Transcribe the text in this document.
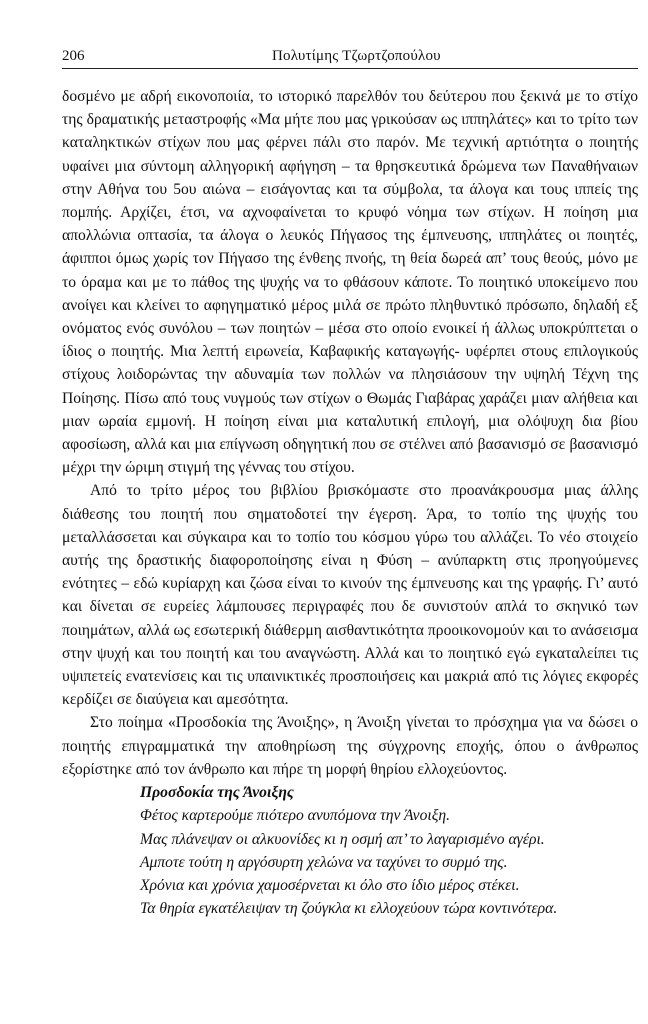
206	Πολυτίμης Τζωρτζοπούλου

δοσμένο με αδρή εικονοποιία, το ιστορικό παρελθόν του δεύτερου που ξεκινά με το στίχο της δραματικής μεταστροφής «Μα μήτε που μας γρικούσαν ως ιππηλάτες» και το τρίτο των καταληκτικών στίχων που μας φέρνει πάλι στο παρόν. Με τεχνική αρτιότητα ο ποιητής υφαίνει μια σύντομη αλληγορική αφήγηση – τα θρησκευτικά δρώμενα των Παναθήναιων στην Αθήνα του 5ου αιώνα – εισάγοντας και τα σύμβολα, τα άλογα και τους ιππείς της πομπής. Αρχίζει, έτσι, να αχνοφαίνεται το κρυφό νόημα των στίχων. Η ποίηση μια απολλώνια οπτασία, τα άλογα ο λευκός Πήγασος της έμπνευσης, ιππηλάτες οι ποιητές, άφιπποι όμως χωρίς τον Πήγασο της ένθεης πνοής, τη θεία δωρεά απ’ τους θεούς, μόνο με το όραμα και με το πάθος της ψυχής να το φθάσουν κάποτε. Το ποιητικό υποκείμενο που ανοίγει και κλείνει το αφηγηματικό μέρος μιλά σε πρώτο πληθυντικό πρόσωπο, δηλαδή εξ ονόματος ενός συνόλου – των ποιητών – μέσα στο οποίο ενοικεί ή άλλως υποκρύπτεται ο ίδιος ο ποιητής. Μια λεπτή ειρωνεία, Καβαφικής καταγωγής- υφέρπει στους επιλογικούς στίχους λοιδορώντας την αδυναμία των πολλών να πλησιάσουν την υψηλή Τέχνη της Ποίησης. Πίσω από τους νυγμούς των στίχων ο Θωμάς Γιαβάρας χαράζει μιαν αλήθεια και μιαν ωραία εμμονή. Η ποίηση είναι μια καταλυτική επιλογή, μια ολόψυχη δια βίου αφοσίωση, αλλά και μια επίγνωση οδηγητική που σε στέλνει από βασανισμό σε βασανισμό μέχρι την ώριμη στιγμή της γέννας του στίχου.

Από το τρίτο μέρος του βιβλίου βρισκόμαστε στο προανάκρουσμα μιας άλλης διάθεσης του ποιητή που σηματοδοτεί την έγερση. Άρα, το τοπίο της ψυχής του μεταλλάσσεται και σύγκαιρα και το τοπίο του κόσμου γύρω του αλλάζει. Το νέο στοιχείο αυτής της δραστικής διαφοροποίησης είναι η Φύση – ανύπαρκτη στις προηγούμενες ενότητες – εδώ κυρίαρχη και ζώσα είναι το κινούν της έμπνευσης και της γραφής. Γι’ αυτό και δίνεται σε ευρείες λάμπουσες περιγραφές που δε συνιστούν απλά το σκηνικό των ποιημάτων, αλλά ως εσωτερική διάθερμη αισθαντικότητα προοικονομούν και το ανάσεισμα στην ψυχή και του ποιητή και του αναγνώστη. Αλλά και το ποιητικό εγώ εγκαταλείπει τις υψιπετείς ενατενίσεις και τις υπαινικτικές προσποιήσεις και μακριά από τις λόγιες εκφορές κερδίζει σε διαύγεια και αμεσότητα.

Στο ποίημα «Προσδοκία της Άνοιξης», η Άνοιξη γίνεται το πρόσχημα για να δώσει ο ποιητής επιγραμματικά την αποθηρίωση της σύγχρονης εποχής, όπου ο άνθρωπος εξορίστηκε από τον άνθρωπο και πήρε τη μορφή θηρίου ελλοχεύοντος.

Προσδοκία της Άνοιξης
Φέτος καρτερούμε πιότερο ανυπόμονα την Άνοιξη.
Μας πλάνεψαν οι αλκυονίδες κι η οσμή απ’ το λαγαρισμένο αγέρι.
Αμποτε τούτη η αργόσυρτη χελώνα να ταχύνει το συρμό της.
Χρόνια και χρόνια χαμοσέρνεται κι όλο στο ίδιο μέρος στέκει.
Τα θηρία εγκατέλειψαν τη ζούγκλα κι ελλοχεύουν τώρα κοντινότερα.
